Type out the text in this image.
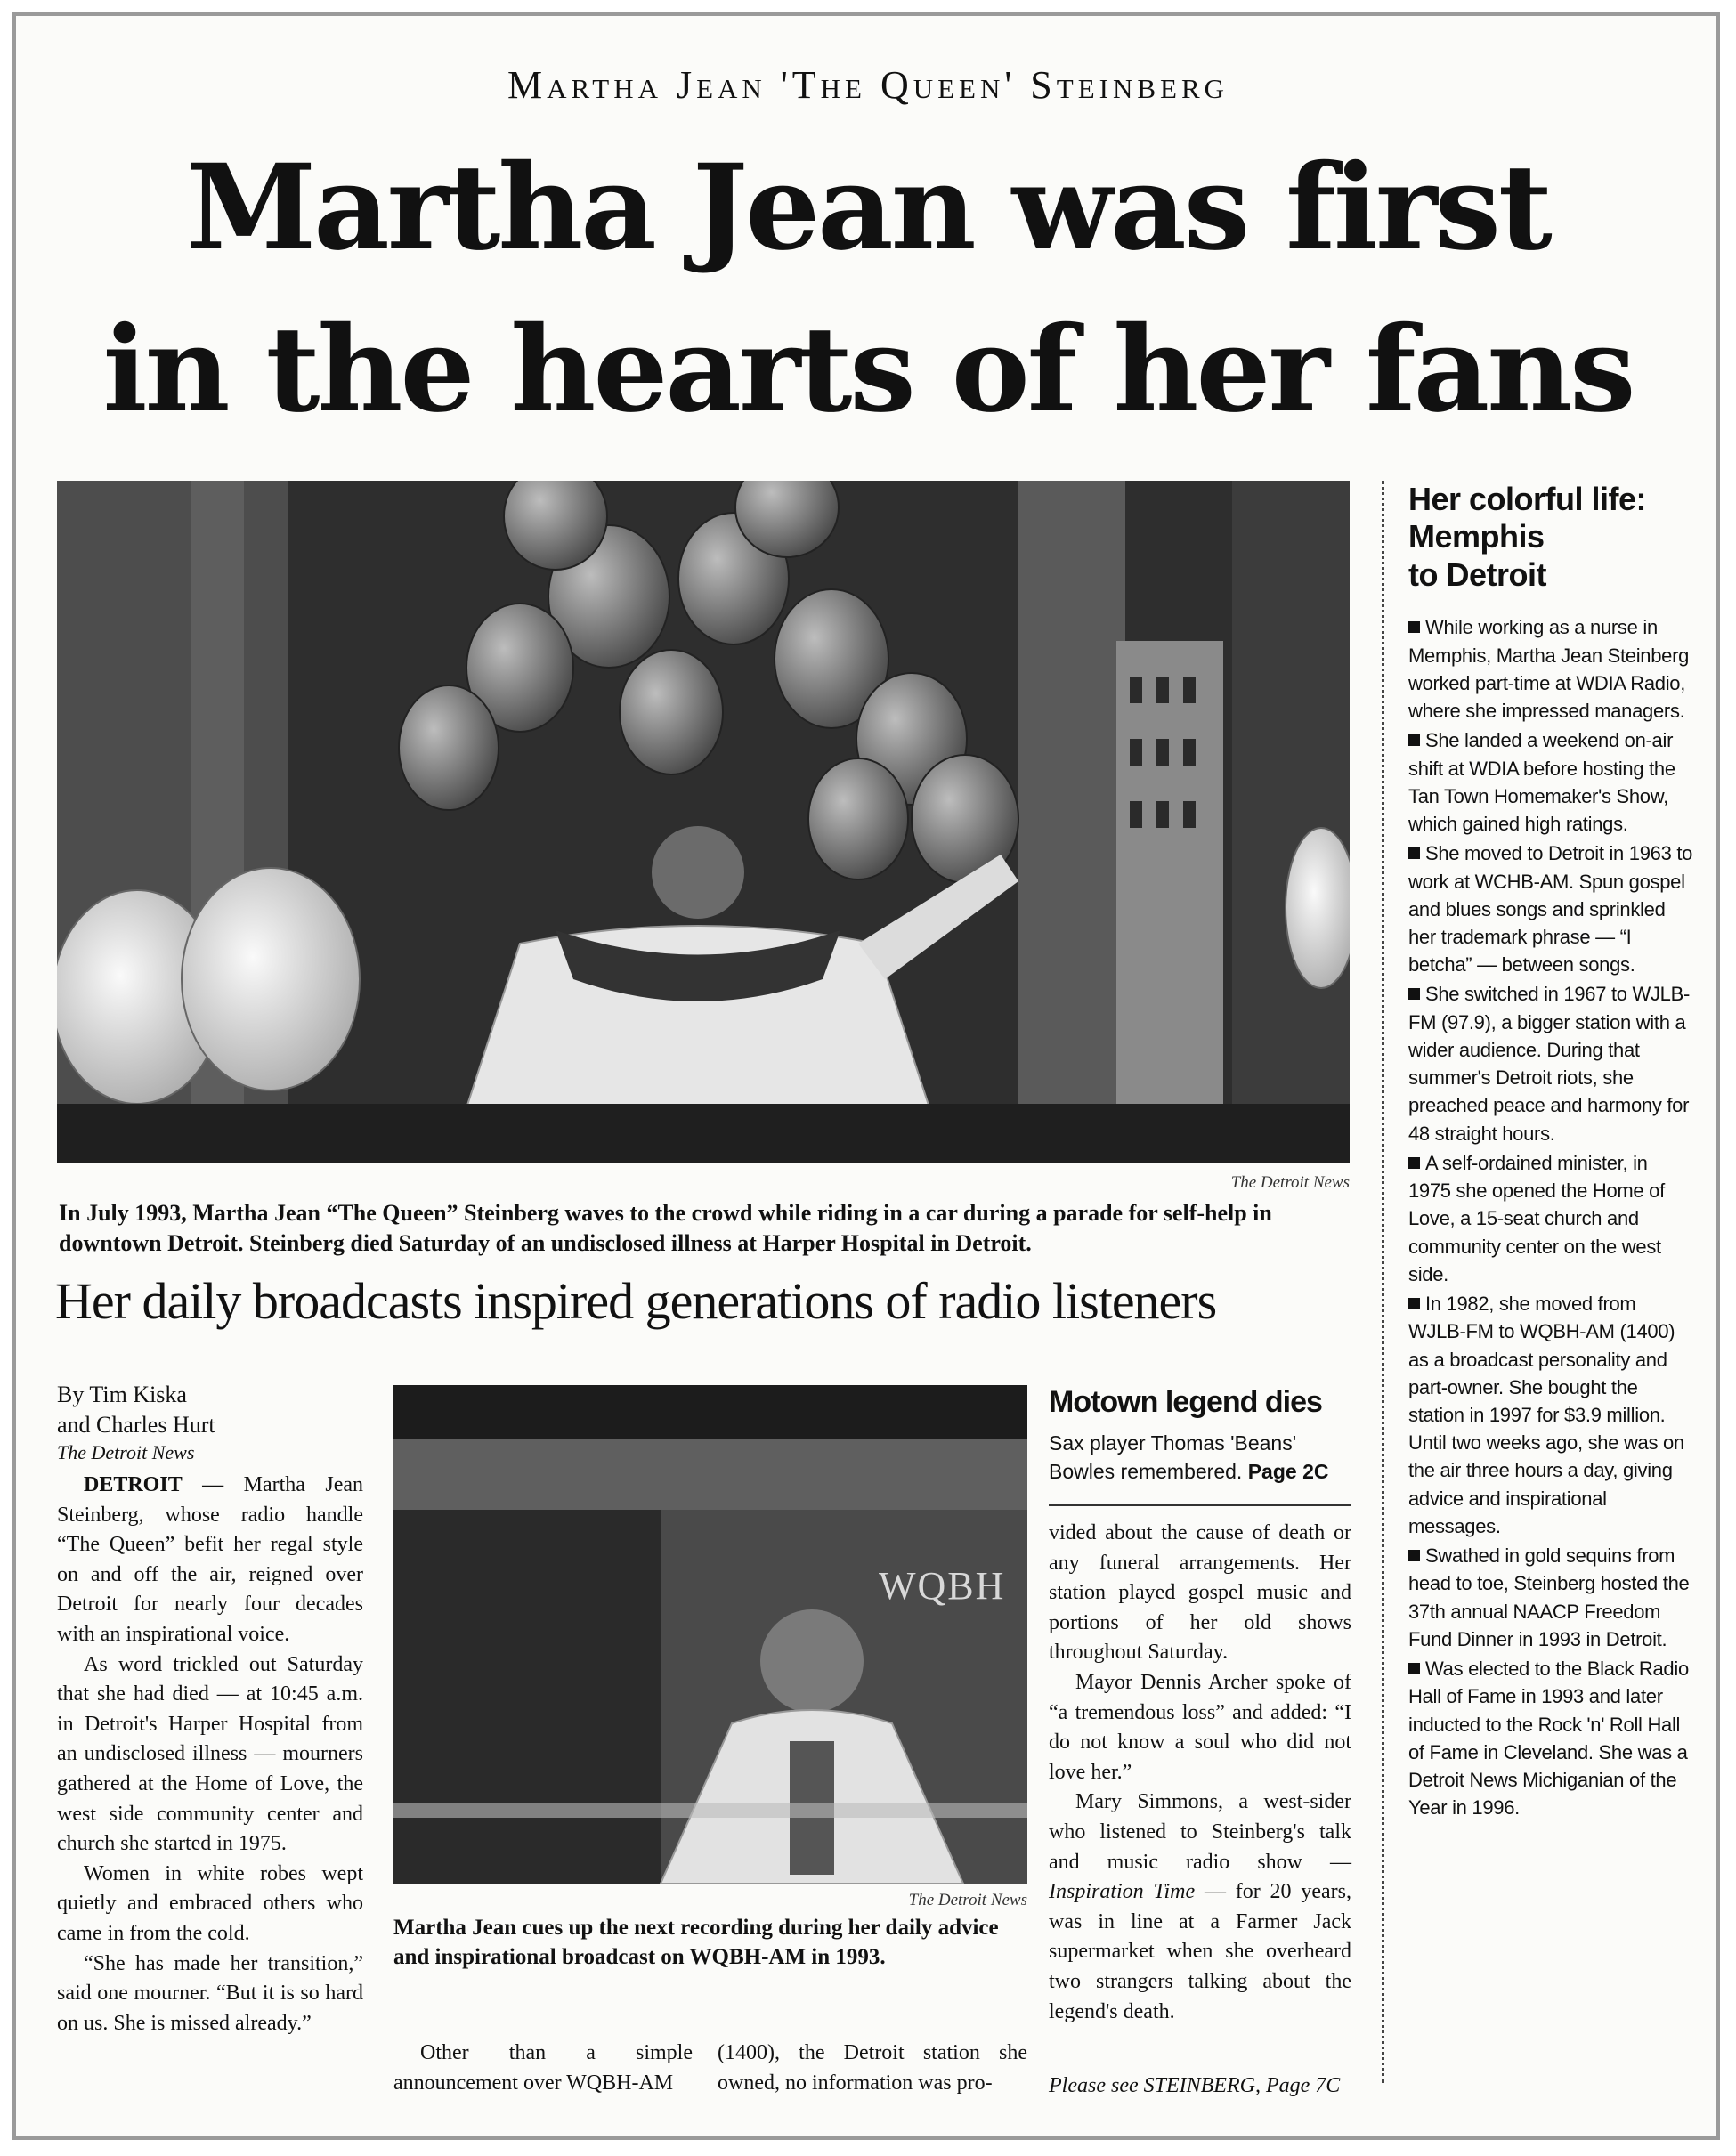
Martha Jean 'The Queen' Steinberg
Martha Jean was first
in the hearts of her fans
The Detroit News
In July 1993, Martha Jean “The Queen” Steinberg waves to the crowd while riding in a car during a parade for self-help in downtown Detroit. Steinberg died Saturday of an undisclosed illness at Harper Hospital in Detroit.
Her daily broadcasts inspired generations of radio listeners
By Tim Kiska
and Charles Hurt
The Detroit News

DETROIT — Martha Jean Steinberg, whose radio handle “The Queen” befit her regal style on and off the air, reigned over Detroit for nearly four decades with an inspirational voice.

As word trickled out Saturday that she had died — at 10:45 a.m. in Detroit's Harper Hospital from an undisclosed illness — mourners gathered at the Home of Love, the west side community center and church she started in 1975.

Women in white robes wept quietly and embraced others who came in from the cold.

“She has made her transition,” said one mourner. “But it is so hard on us. She is missed already.”

WQBH
The Detroit News
Martha Jean cues up the next recording during her daily advice and inspirational broadcast on WQBH-AM in 1993.

Other than a simple announcement over WQBH-AM

(1400), the Detroit station she owned, no information was pro-

Motown legend dies
Sax player Thomas 'Beans' Bowles remembered. Page 2C

vided about the cause of death or any funeral arrangements. Her station played gospel music and portions of her old shows throughout Saturday.

Mayor Dennis Archer spoke of “a tremendous loss” and added: “I do not know a soul who did not love her.”

Mary Simmons, a west-sider who listened to Steinberg's talk and music radio show — Inspiration Time — for 20 years, was in line at a Farmer Jack supermarket when she overheard two strangers talking about the legend's death.

Please see STEINBERG, Page 7C
Her colorful life:
Memphis
to Detroit
While working as a nurse in Memphis, Martha Jean Steinberg worked part-time at WDIA Radio, where she impressed managers.
She landed a weekend on-air shift at WDIA before hosting the Tan Town Homemaker's Show, which gained high ratings.
She moved to Detroit in 1963 to work at WCHB-AM. Spun gospel and blues songs and sprinkled her trademark phrase — “I betcha” — between songs.
She switched in 1967 to WJLB-FM (97.9), a bigger station with a wider audience. During that summer's Detroit riots, she preached peace and harmony for 48 straight hours.
A self-ordained minister, in 1975 she opened the Home of Love, a 15-seat church and community center on the west side.
In 1982, she moved from WJLB-FM to WQBH-AM (1400) as a broadcast personality and part-owner. She bought the station in 1997 for $3.9 million. Until two weeks ago, she was on the air three hours a day, giving advice and inspirational messages.
Swathed in gold sequins from head to toe, Steinberg hosted the 37th annual NAACP Freedom Fund Dinner in 1993 in Detroit.
Was elected to the Black Radio Hall of Fame in 1993 and later inducted to the Rock 'n' Roll Hall of Fame in Cleveland. She was a Detroit News Michiganian of the Year in 1996.
